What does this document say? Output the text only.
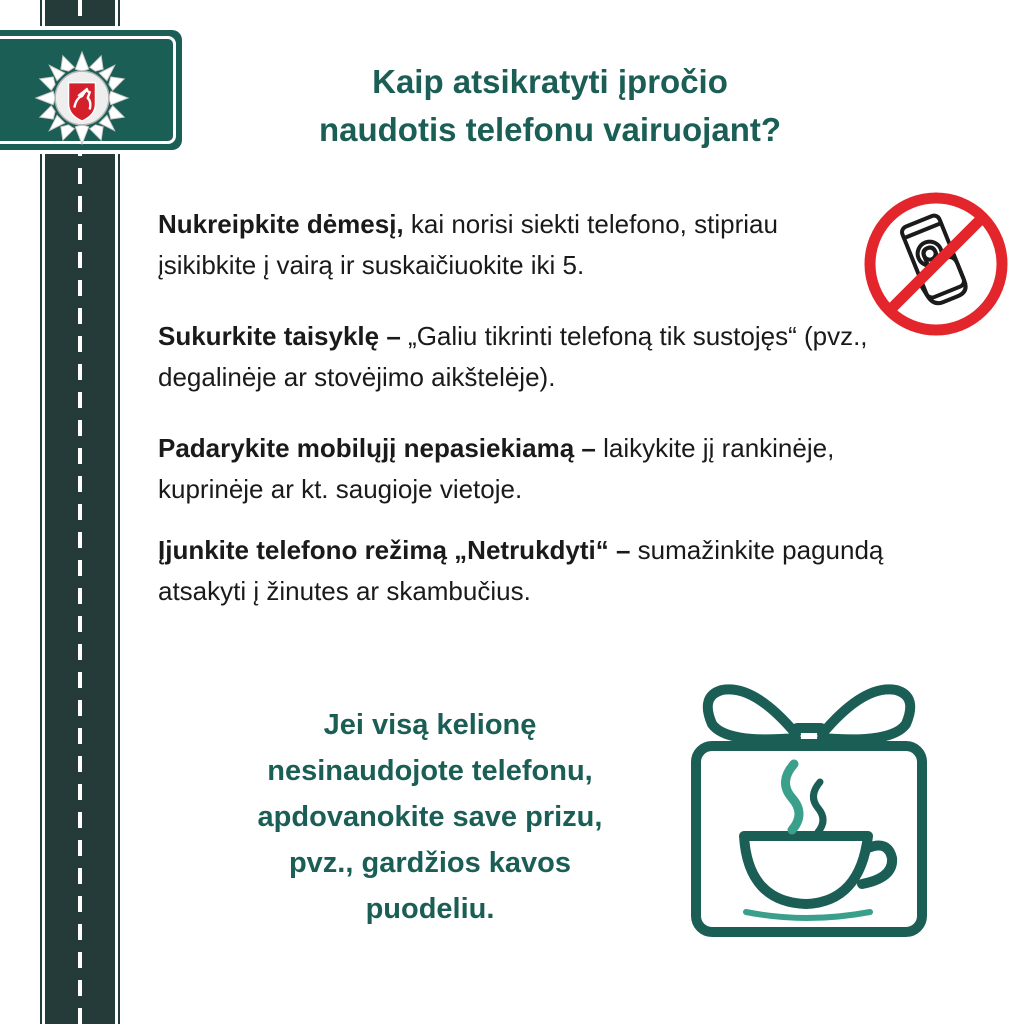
Kaip atsikratyti įpročio
naudotis telefonu vairuojant?

Nukreipkite dėmesį, kai norisi siekti telefono, stipriau įsikibkite į vairą ir suskaičiuokite iki 5.

Sukurkite taisyklę – „Galiu tikrinti telefoną tik sustojęs“ (pvz., degalinėje ar stovėjimo aikštelėje).

Padarykite mobilųjį nepasiekiamą – laikykite jį rankinėje, kuprinėje ar kt. saugioje vietoje.

Įjunkite telefono režimą „Netrukdyti“ – sumažinkite pagundą atsakyti į žinutes ar skambučius.

Jei visą kelionę
nesinaudojote telefonu,
apdovanokite save prizu,
pvz., gardžios kavos
puodeliu.
